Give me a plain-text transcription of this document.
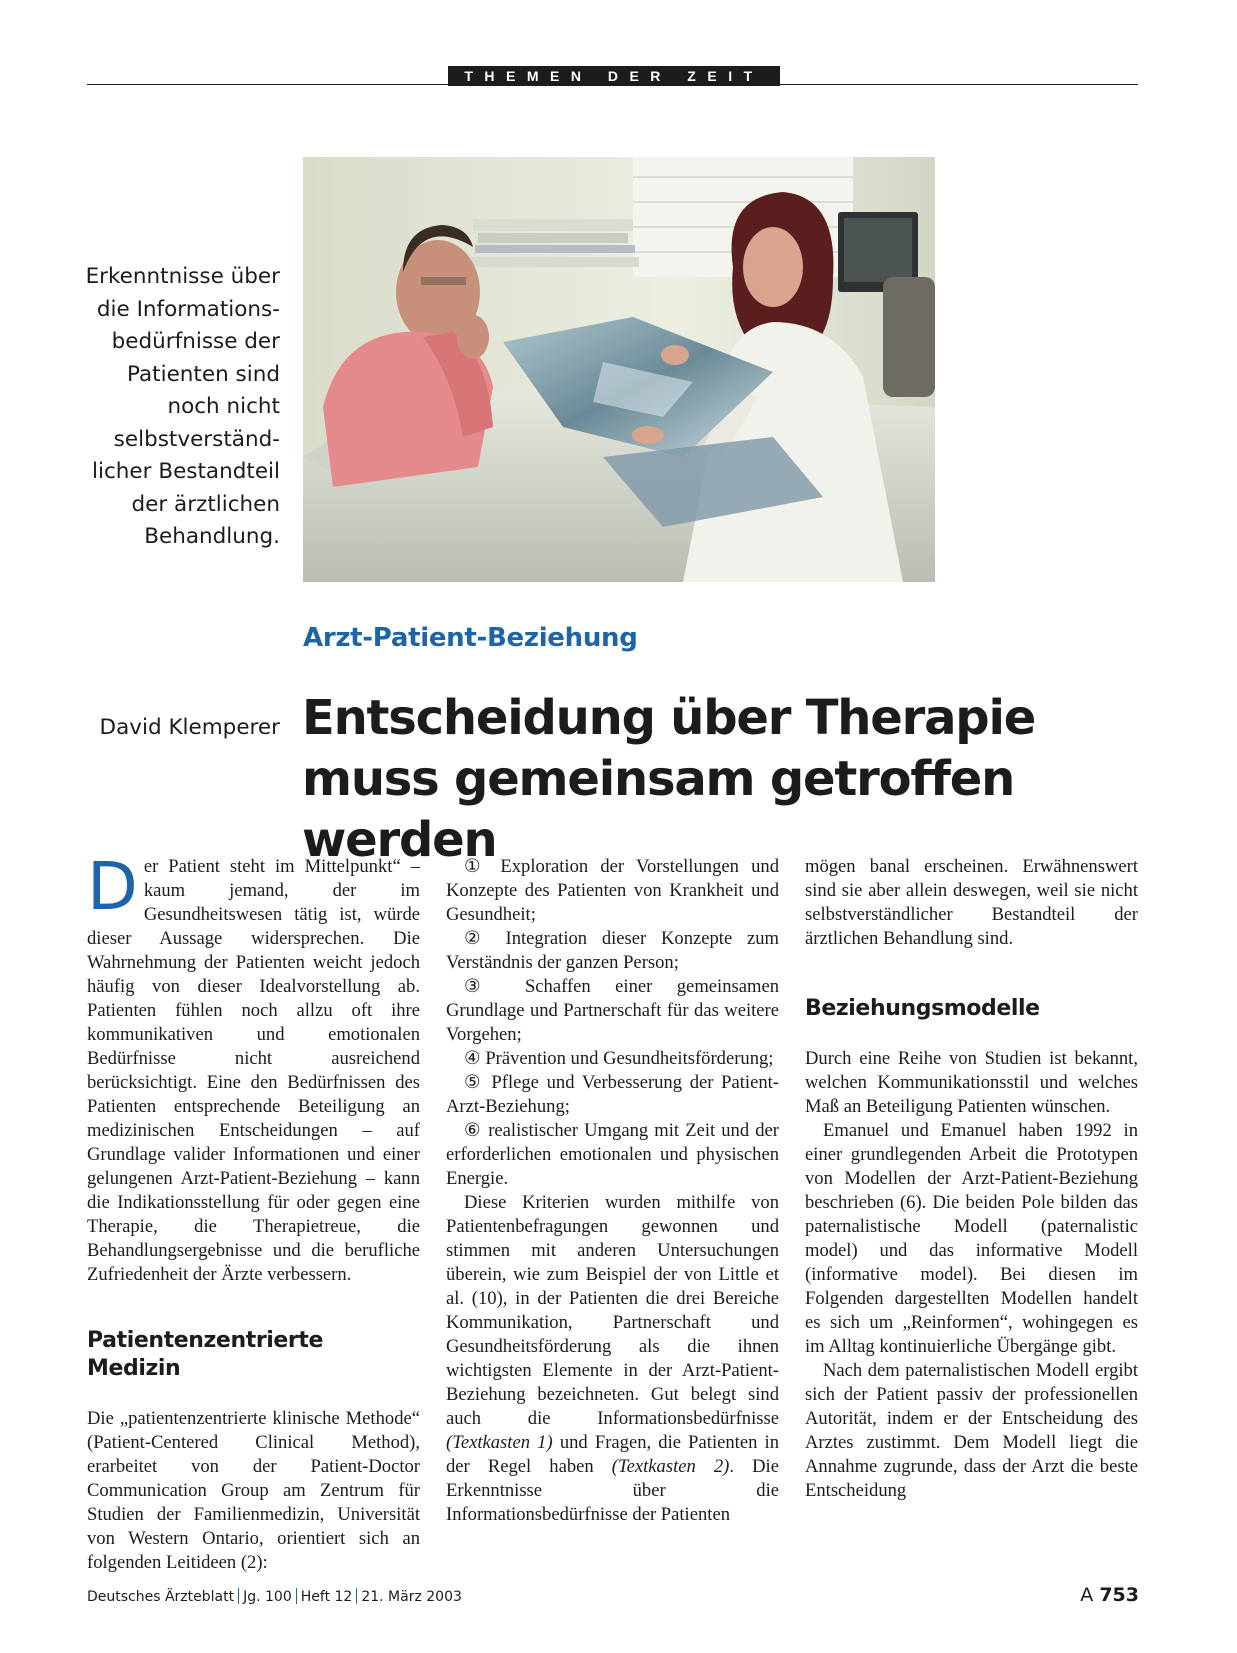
THEMEN DER ZEIT
Erkenntnisse über die Informationsbedürfnisse der Patienten sind noch nicht selbstverständlicher Bestandteil der ärztlichen Behandlung.
Foto: BilderBox
Arzt-Patient-Beziehung
David Klemperer Entscheidung über Therapie muss gemeinsam getroffen werden

Der Patient steht im Mittelpunkt“ – kaum jemand, der im Gesundheitswesen tätig ist, würde dieser Aussage widersprechen. Die Wahrnehmung der Patienten weicht jedoch häufig von dieser Idealvorstellung ab. Patienten fühlen noch allzu oft ihre kommunikativen und emotionalen Bedürfnisse nicht ausreichend berücksichtigt. Eine den Bedürfnissen des Patienten entsprechende Beteiligung an medizinischen Entscheidungen – auf Grundlage valider Informationen und einer gelungenen Arzt-Patient-Beziehung – kann die Indikationsstellung für oder gegen eine Therapie, die Therapietreue, die Behandlungsergebnisse und die berufliche Zufriedenheit der Ärzte verbessern.

Patientenzentrierte Medizin

Die „patientenzentrierte klinische Methode“ (Patient-Centered Clinical Method), erarbeitet von der Patient-Doctor Communication Group am Zentrum für Studien der Familienmedizin, Universität von Western Ontario, orientiert sich an folgenden Leitideen (2):

① Exploration der Vorstellungen und Konzepte des Patienten von Krankheit und Gesundheit;

② Integration dieser Konzepte zum Verständnis der ganzen Person;

③ Schaffen einer gemeinsamen Grundlage und Partnerschaft für das weitere Vorgehen;

④ Prävention und Gesundheitsförderung;

⑤ Pflege und Verbesserung der Patient-Arzt-Beziehung;

⑥ realistischer Umgang mit Zeit und der erforderlichen emotionalen und physischen Energie.

Diese Kriterien wurden mithilfe von Patientenbefragungen gewonnen und stimmen mit anderen Untersuchungen überein, wie zum Beispiel der von Little et al. (10), in der Patienten die drei Bereiche Kommunikation, Partnerschaft und Gesundheitsförderung als die ihnen wichtigsten Elemente in der Arzt-Patient-Beziehung bezeichneten. Gut belegt sind auch die Informationsbedürfnisse (Textkasten 1) und Fragen, die Patienten in der Regel haben (Textkasten 2). Die Erkenntnisse über die Informationsbedürfnisse der Patienten

mögen banal erscheinen. Erwähnenswert sind sie aber allein deswegen, weil sie nicht selbstverständlicher Bestandteil der ärztlichen Behandlung sind.

Beziehungsmodelle

Durch eine Reihe von Studien ist bekannt, welchen Kommunikationsstil und welches Maß an Beteiligung Patienten wünschen.

Emanuel und Emanuel haben 1992 in einer grundlegenden Arbeit die Prototypen von Modellen der Arzt-Patient-Beziehung beschrieben (6). Die beiden Pole bilden das paternalistische Modell (paternalistic model) und das informative Modell (informative model). Bei diesen im Folgenden dargestellten Modellen handelt es sich um „Reinformen“, wohingegen es im Alltag kontinuierliche Übergänge gibt.

Nach dem paternalistischen Modell ergibt sich der Patient passiv der professionellen Autorität, indem er der Entscheidung des Arztes zustimmt. Dem Modell liegt die Annahme zugrunde, dass der Arzt die beste Entscheidung

Deutsches Ärzteblatt Jg. 100 Heft 12 21. März 2003	A 753
